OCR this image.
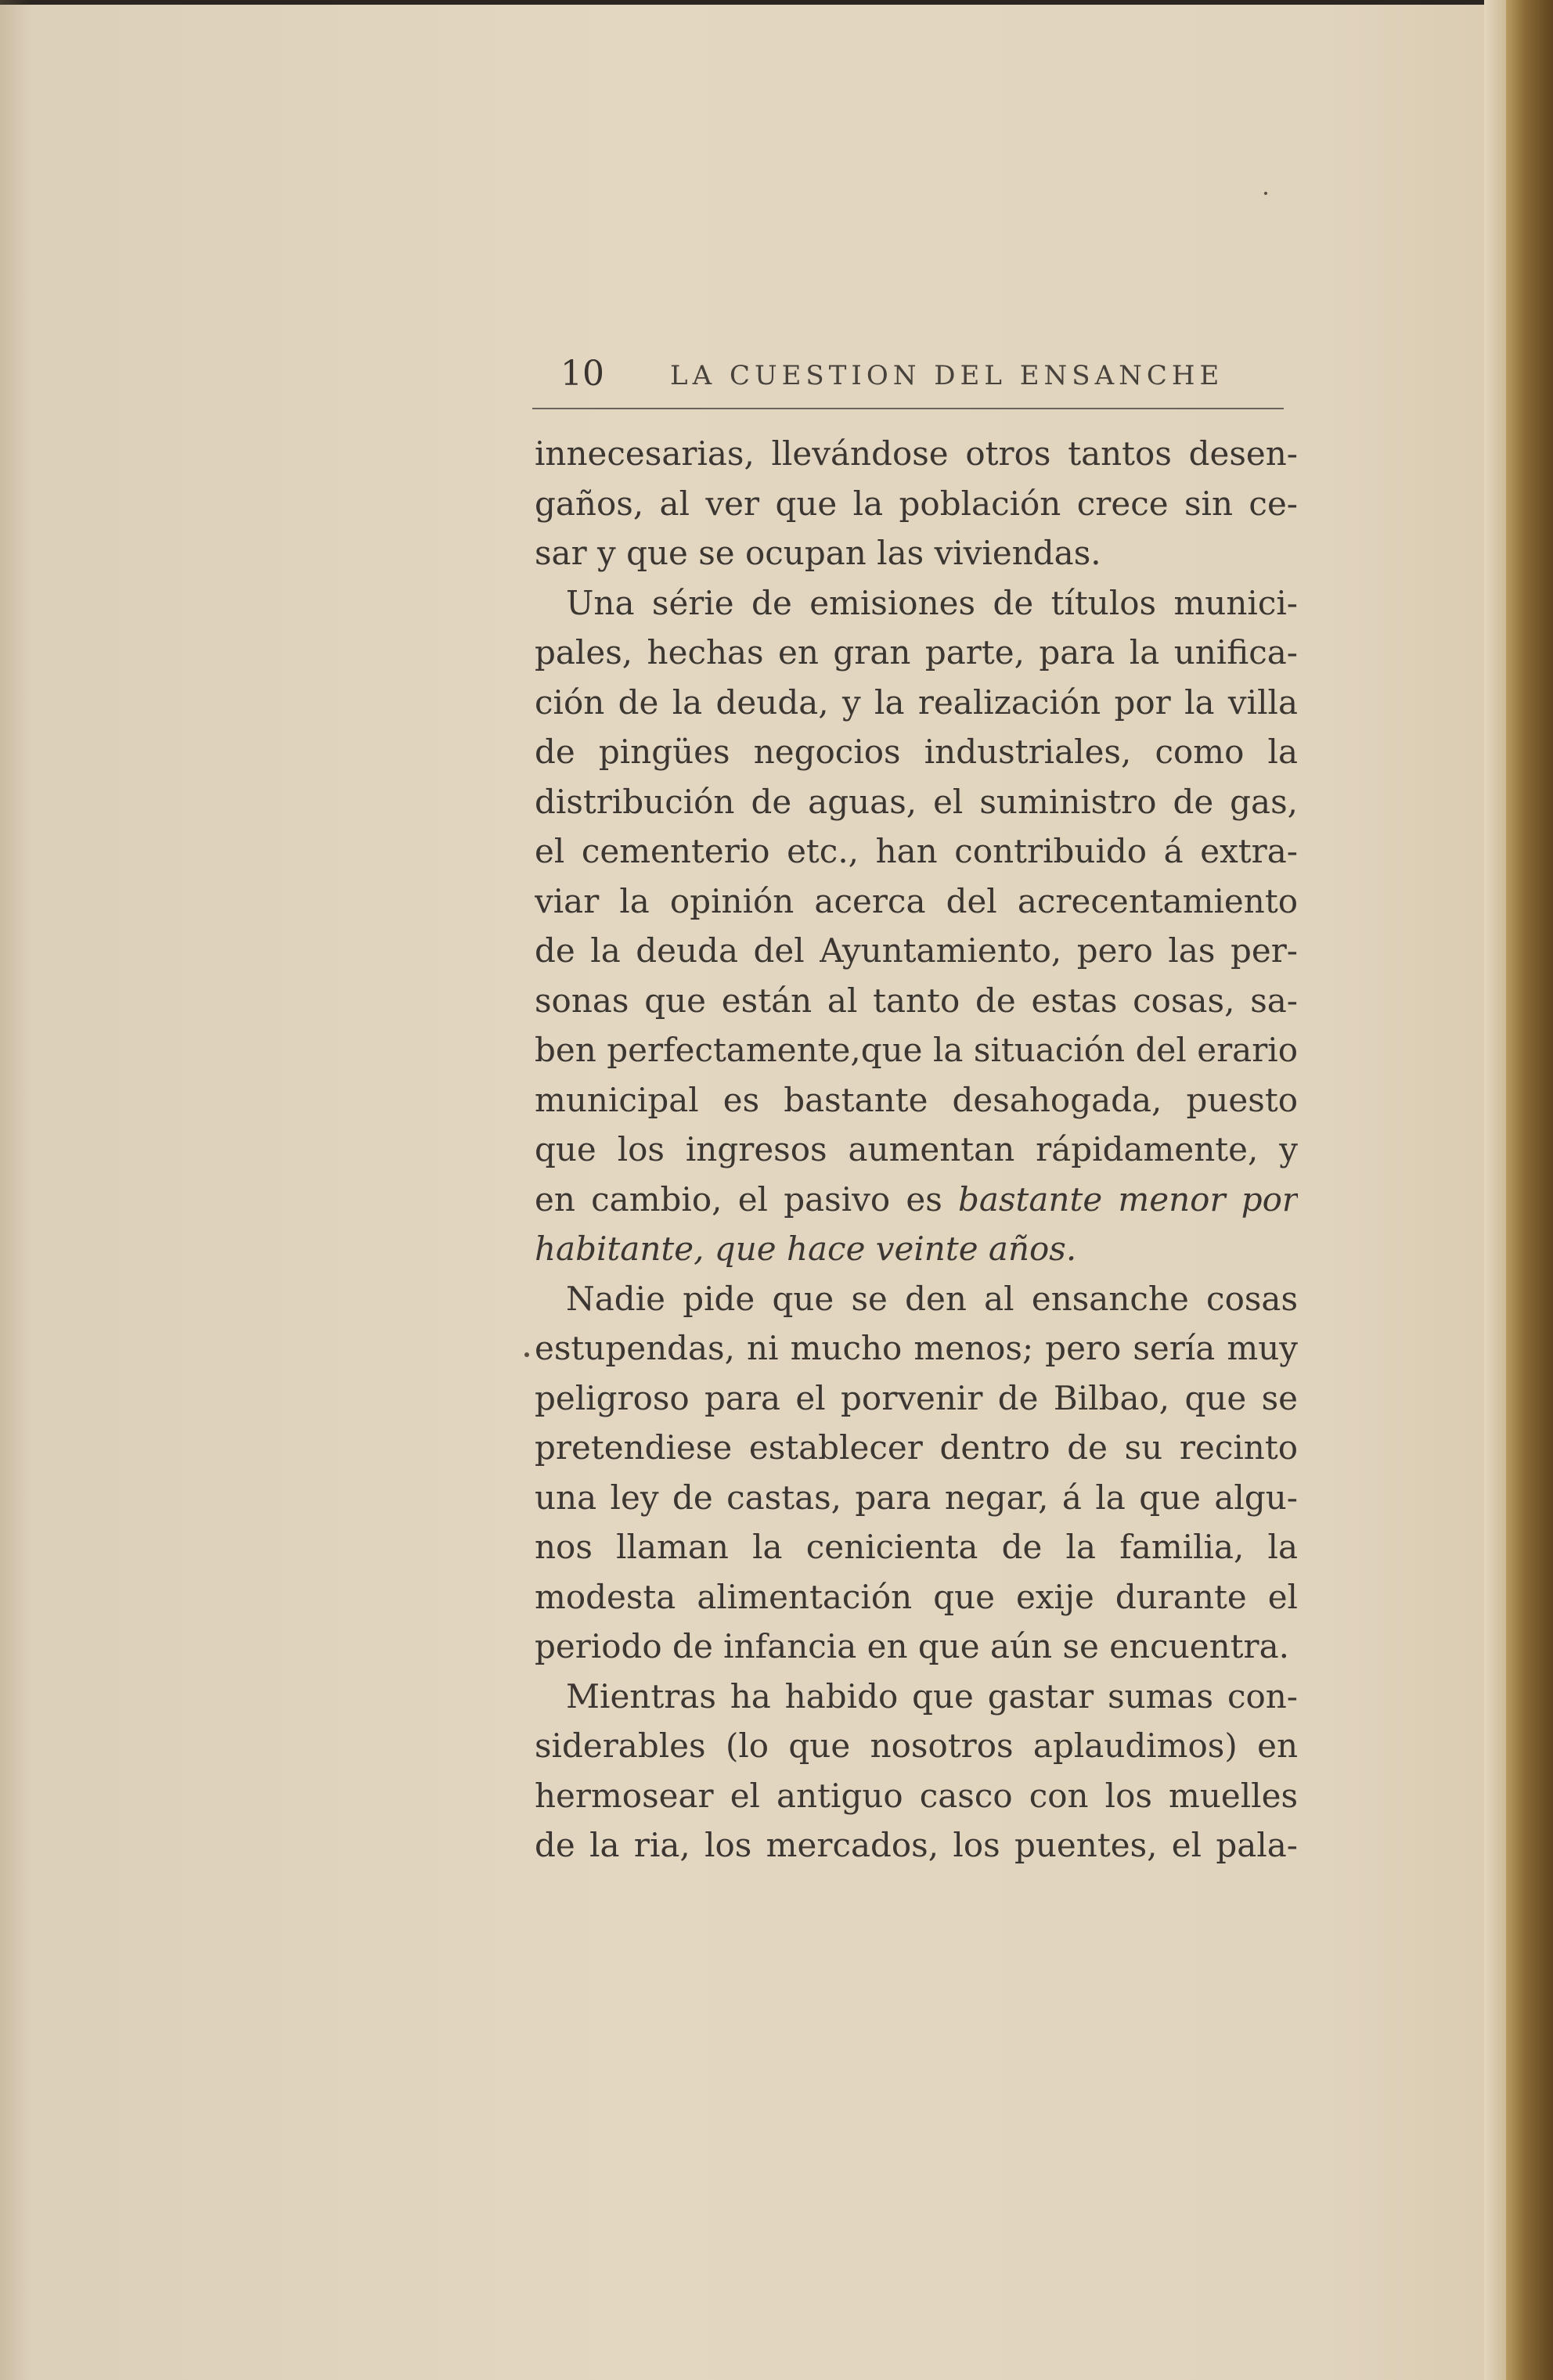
10 LA CUESTION DEL ENSANCHE
innecesarias, llevándose otros tantos desen-
gaños, al ver que la población crece sin ce-
sar y que se ocupan las viviendas.
Una série de emisiones de títulos munici-
pales, hechas en gran parte, para la unifica-
ción de la deuda, y la realización por la villa
de pingües negocios industriales, como la
distribución de aguas, el suministro de gas,
el cementerio etc., han contribuido á extra-
viar la opinión acerca del acrecentamiento
de la deuda del Ayuntamiento, pero las per-
sonas que están al tanto de estas cosas, sa-
ben perfectamente,que la situación del erario
municipal es bastante desahogada, puesto
que los ingresos aumentan rápidamente, y
en cambio, el pasivo es bastante menor por
habitante, que hace veinte años.
Nadie pide que se den al ensanche cosas
estupendas, ni mucho menos; pero sería muy
peligroso para el porvenir de Bilbao, que se
pretendiese establecer dentro de su recinto
una ley de castas, para negar, á la que algu-
nos llaman la cenicienta de la familia, la
modesta alimentación que exije durante el
periodo de infancia en que aún se encuentra.
Mientras ha habido que gastar sumas con-
siderables (lo que nosotros aplaudimos) en
hermosear el antiguo casco con los muelles
de la ria, los mercados, los puentes, el pala-
